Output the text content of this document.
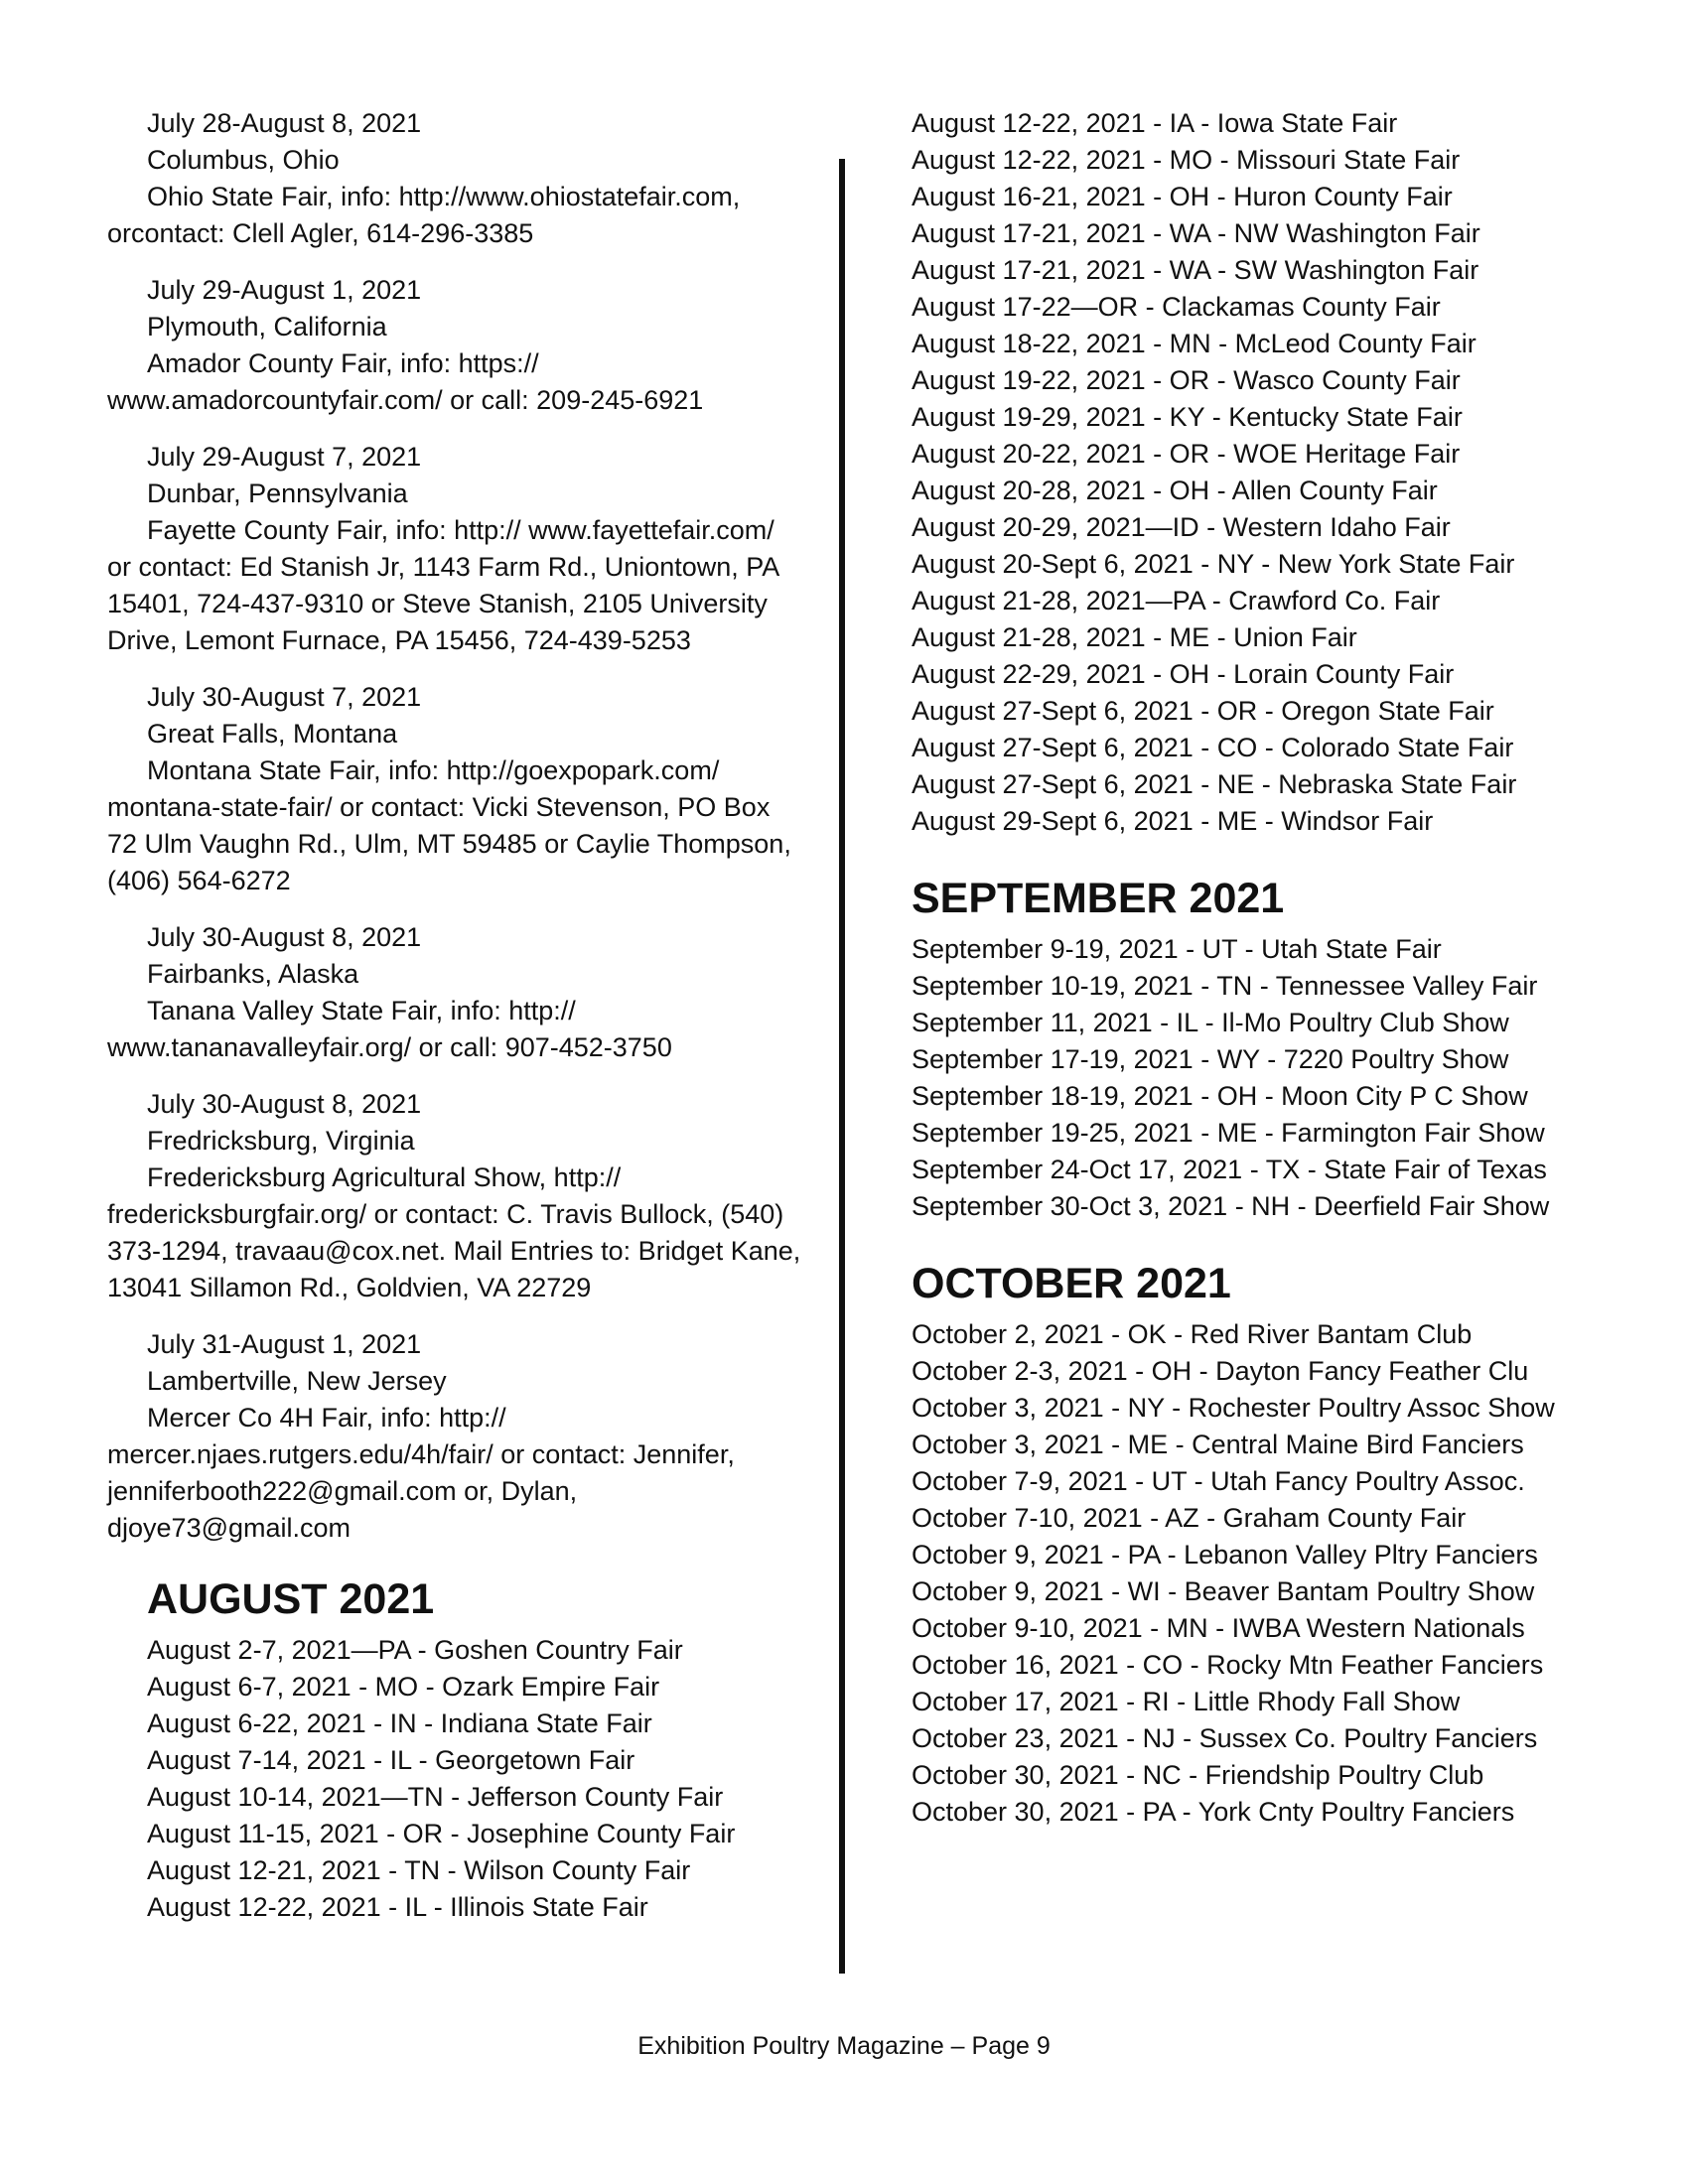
July 28-August 8, 2021
Columbus, Ohio
Ohio State Fair, info: http://www.ohiostatefair.com, orcontact: Clell Agler, 614-296-3385
July 29-August 1, 2021
Plymouth, California
Amador County Fair, info: https:// www.amadorcountyfair.com/ or call: 209-245-6921
July 29-August 7, 2021
Dunbar, Pennsylvania
Fayette County Fair, info: http:// www.fayettefair.com/ or contact: Ed Stanish Jr, 1143 Farm Rd., Uniontown, PA 15401, 724-437-9310 or Steve Stanish, 2105 University Drive, Lemont Furnace, PA 15456, 724-439-5253
July 30-August 7, 2021
Great Falls, Montana
Montana State Fair, info: http://goexpopark.com/ montana-state-fair/ or contact: Vicki Stevenson, PO Box 72 Ulm Vaughn Rd., Ulm, MT 59485 or Caylie Thompson, (406) 564-6272
July 30-August 8, 2021
Fairbanks, Alaska
Tanana Valley State Fair, info: http:// www.tananavalleyfair.org/ or call: 907-452-3750
July 30-August 8, 2021
Fredricksburg, Virginia
Fredericksburg Agricultural Show, http:// fredericksburgfair.org/ or contact: C. Travis Bullock, (540) 373-1294, travaau@cox.net. Mail Entries to: Bridget Kane, 13041 Sillamon Rd., Goldvien, VA 22729
July 31-August 1, 2021
Lambertville, New Jersey
Mercer Co 4H Fair, info: http:// mercer.njaes.rutgers.edu/4h/fair/ or contact: Jennifer, jenniferbooth222@gmail.com or, Dylan, djoye73@gmail.com
AUGUST 2021
August 2-7, 2021—PA - Goshen Country Fair
August 6-7, 2021 - MO - Ozark Empire Fair
August 6-22, 2021 - IN - Indiana State Fair
August 7-14, 2021 - IL - Georgetown Fair
August 10-14, 2021—TN - Jefferson County Fair
August 11-15, 2021 - OR - Josephine County Fair
August 12-21, 2021 - TN - Wilson County Fair
August 12-22, 2021 - IL - Illinois State Fair
August 12-22, 2021 - IA - Iowa State Fair
August 12-22, 2021 - MO - Missouri State Fair
August 16-21, 2021 - OH - Huron County Fair
August 17-21, 2021 - WA - NW Washington Fair
August 17-21, 2021 - WA - SW Washington Fair
August 17-22—OR - Clackamas County Fair
August 18-22, 2021 - MN - McLeod County Fair
August 19-22, 2021 - OR - Wasco County Fair
August 19-29, 2021 - KY - Kentucky State Fair
August 20-22, 2021 - OR - WOE Heritage Fair
August 20-28, 2021 - OH - Allen County Fair
August 20-29, 2021—ID - Western Idaho Fair
August 20-Sept 6, 2021 - NY - New York State Fair
August 21-28, 2021—PA - Crawford Co. Fair
August 21-28, 2021 - ME - Union Fair
August 22-29, 2021 - OH - Lorain County Fair
August 27-Sept 6, 2021 - OR - Oregon State Fair
August 27-Sept 6, 2021 - CO - Colorado State Fair
August 27-Sept 6, 2021 - NE - Nebraska State Fair
August 29-Sept 6, 2021 - ME - Windsor Fair
SEPTEMBER 2021
September 9-19, 2021 - UT - Utah State Fair
September 10-19, 2021 - TN - Tennessee Valley Fair
September 11, 2021 - IL - Il-Mo Poultry Club Show
September 17-19, 2021 - WY - 7220 Poultry Show
September 18-19, 2021 - OH - Moon City P C Show
September 19-25, 2021 - ME - Farmington Fair Show
September 24-Oct 17, 2021 - TX - State Fair of Texas
September 30-Oct 3, 2021 - NH - Deerfield Fair Show
OCTOBER 2021
October 2, 2021 - OK - Red River Bantam Club
October 2-3, 2021 - OH - Dayton Fancy Feather Clu
October 3, 2021 - NY - Rochester Poultry Assoc Show
October 3, 2021 - ME - Central Maine Bird Fanciers
October 7-9, 2021 - UT - Utah Fancy Poultry Assoc.
October 7-10, 2021 - AZ - Graham County Fair
October 9, 2021 - PA - Lebanon Valley Pltry Fanciers
October 9, 2021 - WI - Beaver Bantam Poultry Show
October 9-10, 2021 - MN - IWBA Western Nationals
October 16, 2021 - CO - Rocky Mtn Feather Fanciers
October 17, 2021 - RI - Little Rhody Fall Show
October 23, 2021 - NJ - Sussex Co. Poultry Fanciers
October 30, 2021 - NC - Friendship Poultry Club
October 30, 2021 - PA - York Cnty Poultry Fanciers
Exhibition Poultry Magazine – Page 9
